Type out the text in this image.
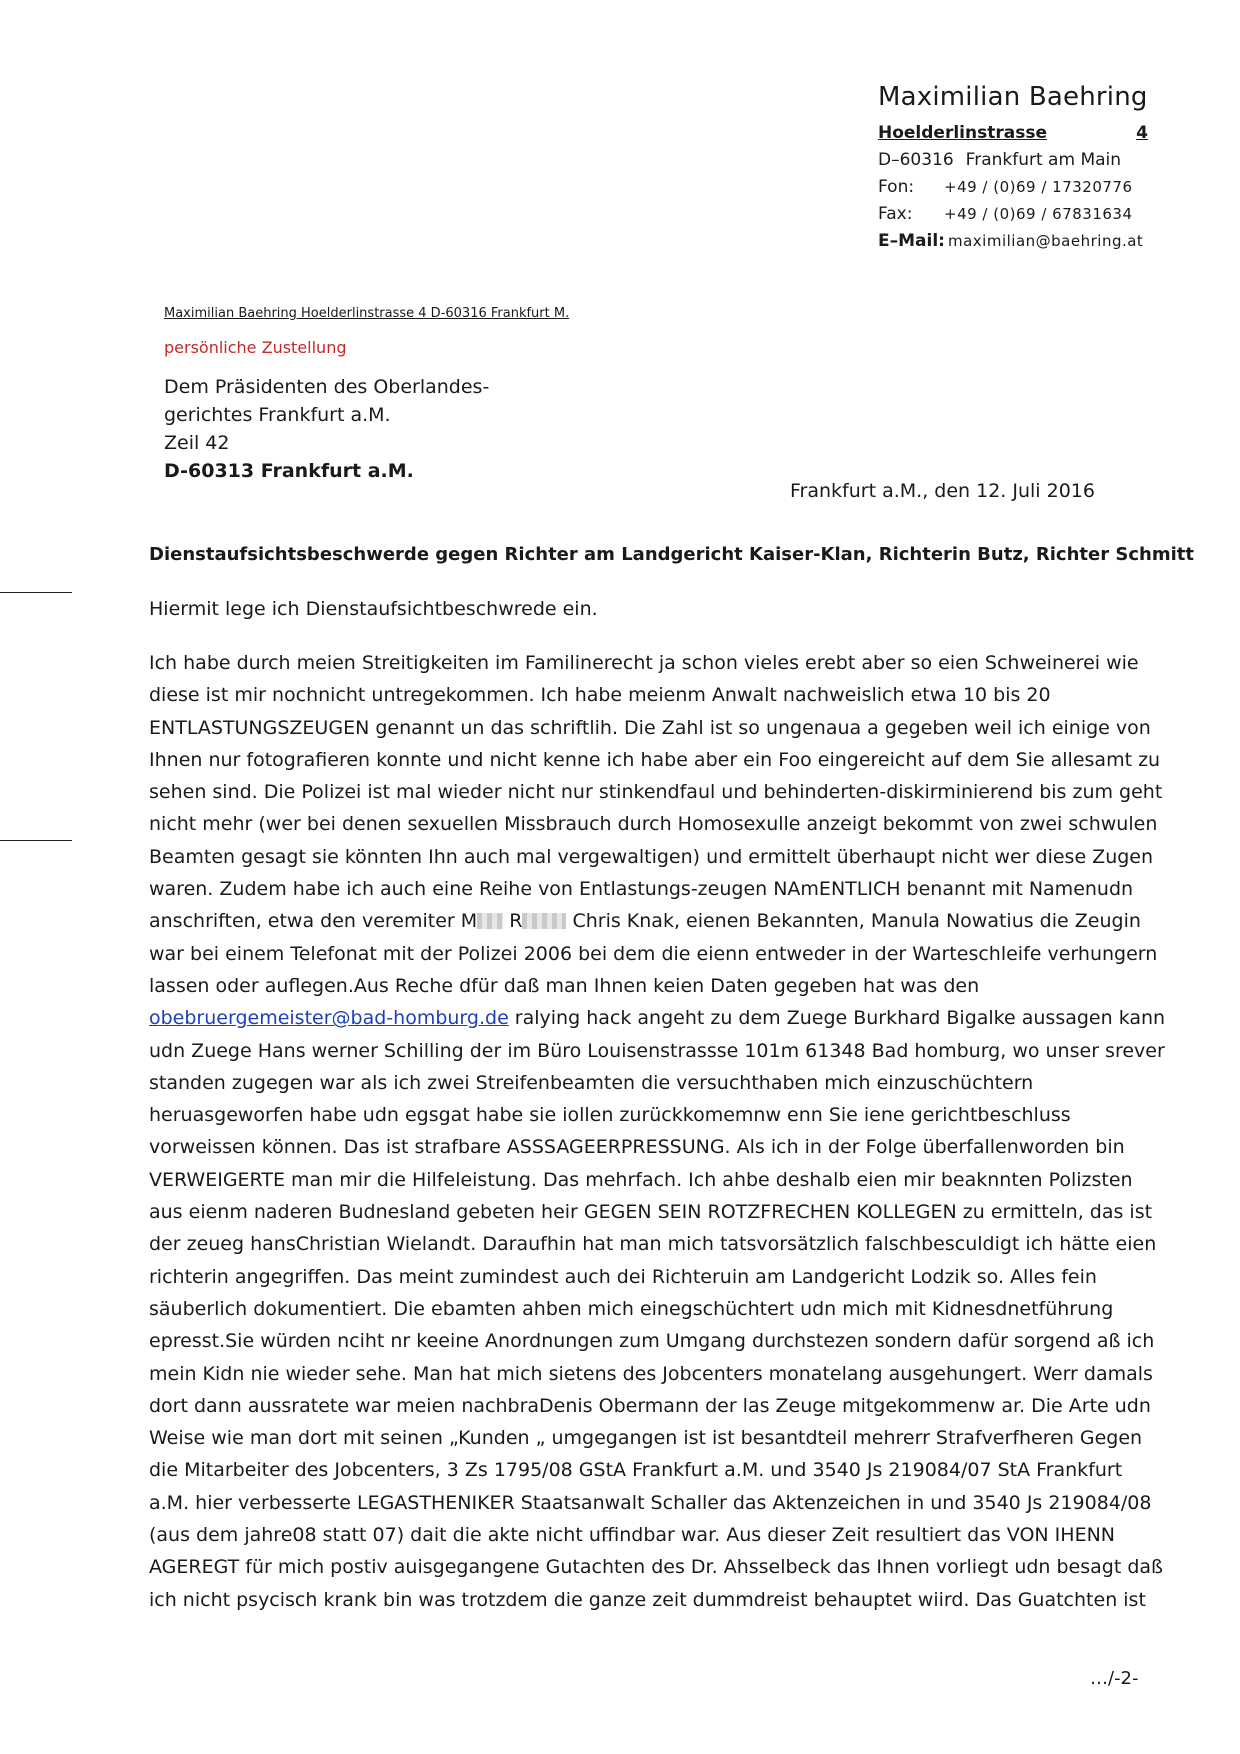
Maximilian Baehring
Hoelderlinstrasse	4
D–60316 Frankfurt am Main
Fon:	+49 / (0)69 / 17320776
Fax:	+49 / (0)69 / 67831634
E–Mail: maximilian@baehring.at
Maximilian Baehring Hoelderlinstrasse 4 D-60316 Frankfurt M.
persönliche Zustellung
Dem Präsidenten des Oberlandes-
gerichtes Frankfurt a.M.
Zeil 42
D-60313 Frankfurt a.M.
Frankfurt a.M., den 12. Juli 2016
Dienstaufsichtsbeschwerde gegen Richter am Landgericht Kaiser-Klan, Richterin Butz, Richter Schmitt
Hiermit lege ich Dienstaufsichtbeschwrede ein.
Ich habe durch meien Streitigkeiten im Familinerecht ja schon vieles erebt aber so eien Schweinerei wie
diese ist mir nochnicht untregekommen. Ich habe meienm Anwalt nachweislich etwa 10 bis 20
ENTLASTUNGSZEUGEN genannt un das schriftlih. Die Zahl ist so ungenaua a gegeben weil ich einige von
Ihnen nur fotografieren konnte und nicht kenne ich habe aber ein Foo eingereicht auf dem Sie allesamt zu
sehen sind. Die Polizei ist mal wieder nicht nur stinkendfaul und behinderten-diskirminierend bis zum geht
nicht mehr (wer bei denen sexuellen Missbrauch durch Homosexulle anzeigt bekommt von zwei schwulen
Beamten gesagt sie könnten Ihn auch mal vergewaltigen) und ermittelt überhaupt nicht wer diese Zugen
waren. Zudem habe ich auch eine Reihe von Entlastungs-zeugen NAmENTLICH benannt mit Namenudn
anschriften, etwa den veremiter M R Chris Knak, eienen Bekannten, Manula Nowatius die Zeugin
war bei einem Telefonat mit der Polizei 2006 bei dem die eienn entweder in der Warteschleife verhungern
lassen oder auflegen.Aus Reche dfür daß man Ihnen keien Daten gegeben hat was den
obebruergemeister@bad-homburg.de ralying hack angeht zu dem Zuege Burkhard Bigalke aussagen kann
udn Zuege Hans werner Schilling der im Büro Louisenstrassse 101m 61348 Bad homburg, wo unser srever
standen zugegen war als ich zwei Streifenbeamten die versuchthaben mich einzuschüchtern
heruasgeworfen habe udn egsgat habe sie iollen zurückkomemnw enn Sie iene gerichtbeschluss
vorweissen können. Das ist strafbare ASSSAGEERPRESSUNG. Als ich in der Folge überfallenworden bin
VERWEIGERTE man mir die Hilfeleistung. Das mehrfach. Ich ahbe deshalb eien mir beaknnten Polizsten
aus eienm naderen Budnesland gebeten heir GEGEN SEIN ROTZFRECHEN KOLLEGEN zu ermitteln, das ist
der zeueg hansChristian Wielandt. Daraufhin hat man mich tatsvorsätzlich falschbesculdigt ich hätte eien
richterin angegriffen. Das meint zumindest auch dei Richteruin am Landgericht Lodzik so. Alles fein
säuberlich dokumentiert. Die ebamten ahben mich einegschüchtert udn mich mit Kidnesdnetführung
epresst.Sie würden nciht nr keeine Anordnungen zum Umgang durchstezen sondern dafür sorgend aß ich
mein Kidn nie wieder sehe. Man hat mich sietens des Jobcenters monatelang ausgehungert. Werr damals
dort dann aussratete war meien nachbraDenis Obermann der las Zeuge mitgekommenw ar. Die Arte udn
Weise wie man dort mit seinen „Kunden „ umgegangen ist ist besantdteil mehrerr Strafverfheren Gegen
die Mitarbeiter des Jobcenters, 3 Zs 1795/08 GStA Frankfurt a.M. und 3540 Js 219084/07 StA Frankfurt
a.M. hier verbesserte LEGASTHENIKER Staatsanwalt Schaller das Aktenzeichen in und 3540 Js 219084/08
(aus dem jahre08 statt 07) dait die akte nicht uffindbar war. Aus dieser Zeit resultiert das VON IHENN
AGEREGT für mich postiv auisgegangene Gutachten des Dr. Ahsselbeck das Ihnen vorliegt udn besagt daß
ich nicht psycisch krank bin was trotzdem die ganze zeit dummdreist behauptet wiird. Das Guatchten ist
…/-2-
